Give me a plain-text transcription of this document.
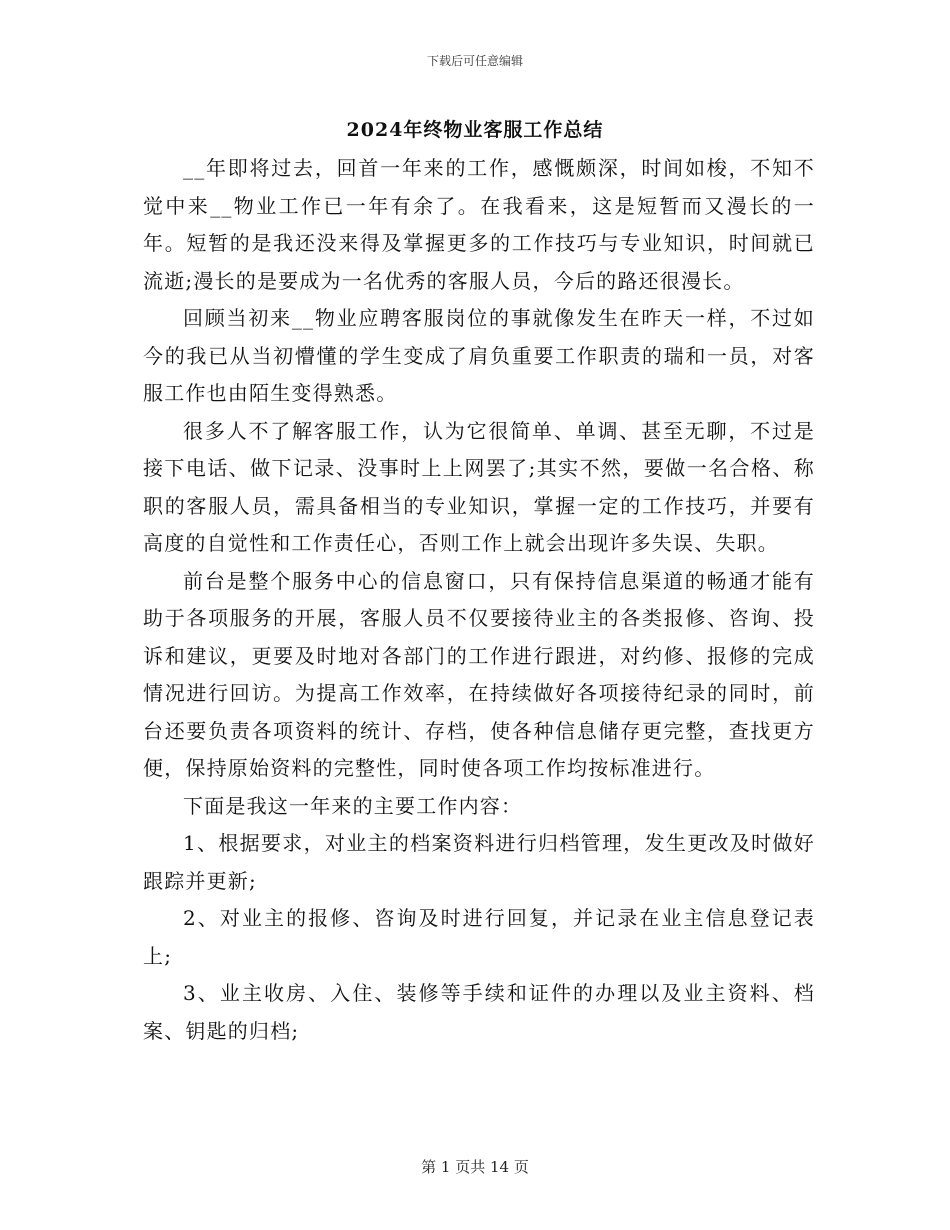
下载后可任意编辑
2024年终物业客服工作总结

__年即将过去，回首一年来的工作，感慨颇深，时间如梭，不知不觉中来__物业工作已一年有余了。在我看来，这是短暂而又漫长的一年。短暂的是我还没来得及掌握更多的工作技巧与专业知识，时间就已流逝;漫长的是要成为一名优秀的客服人员，今后的路还很漫长。

回顾当初来__物业应聘客服岗位的事就像发生在昨天一样，不过如今的我已从当初懵懂的学生变成了肩负重要工作职责的瑞和一员，对客服工作也由陌生变得熟悉。

很多人不了解客服工作，认为它很简单、单调、甚至无聊，不过是接下电话、做下记录、没事时上上网罢了;其实不然，要做一名合格、称职的客服人员，需具备相当的专业知识，掌握一定的工作技巧，并要有高度的自觉性和工作责任心，否则工作上就会出现许多失误、失职。

前台是整个服务中心的信息窗口，只有保持信息渠道的畅通才能有助于各项服务的开展，客服人员不仅要接待业主的各类报修、咨询、投诉和建议，更要及时地对各部门的工作进行跟进，对约修、报修的完成情况进行回访。为提高工作效率，在持续做好各项接待纪录的同时，前台还要负责各项资料的统计、存档，使各种信息储存更完整，查找更方便，保持原始资料的完整性，同时使各项工作均按标准进行。

下面是我这一年来的主要工作内容：

1、根据要求，对业主的档案资料进行归档管理，发生更改及时做好跟踪并更新;

2、对业主的报修、咨询及时进行回复，并记录在业主信息登记表上;

3、业主收房、入住、装修等手续和证件的办理以及业主资料、档案、钥匙的归档;

第 1 页共 14 页
